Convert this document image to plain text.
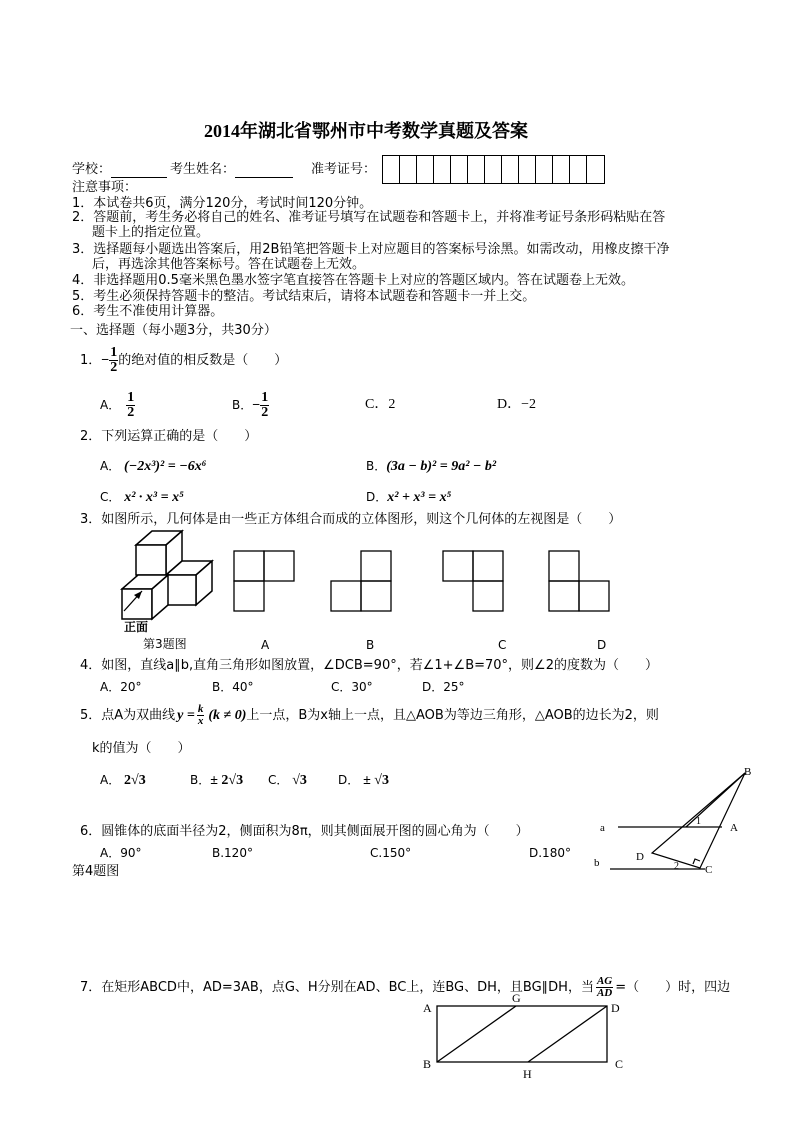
2014年湖北省鄂州市中考数学真题及答案
学校：	考生姓名：	准考证号：
注意事项：
1．本试卷共6页，满分120分，考试时间120分钟。
2．答题前，考生务必将自己的姓名、准考证号填写在试题卷和答题卡上，并将准考证号条形码粘贴在答
题卡上的指定位置。
3．选择题每小题选出答案后，用2B铅笔把答题卡上对应题目的答案标号涂黑。如需改动，用橡皮擦干净
后，再选涂其他答案标号。答在试题卷上无效。
4．非选择题用0.5毫米黑色墨水签字笔直接答在答题卡上对应的答题区域内。答在试题卷上无效。
5．考生必须保持答题卡的整洁。考试结束后，请将本试题卷和答题卡一并上交。
6．考生不准使用计算器。
一、选择题（每小题3分，共30分）
1． − $\frac{1}{2}$ 的绝对值的相反数是（　　）
A． $\frac{1}{2}$	B． − $\frac{1}{2}$	C．2	D．−2
2．下列运算正确的是（　　）
A． (−2x³)² = −6x⁶	B．(3a − b)² = 9a² − b²
C． x² · x³ = x⁵	D．x² + x³ = x⁵
3．如图所示，几何体是由一些正方体组合而成的立体图形，则这个几何体的左视图是（　　）
正面
第3题图	A	B	C	D
4．如图，直线a∥b,直角三角形如图放置，∠DCB=90°，若∠1+∠B=70°，则∠2的度数为（　　）
A．20°	B．40°	C．30°	D．25°
5．点A为双曲线 $y = \frac{k}{x} (k \ne 0)$ 上一点，B为x轴上一点，且△AOB为等边三角形，△AOB的边长为2，则
k的值为（　　）
A． 2√3	B．± 2√3 C． √3	D． ± √3
B
A
D
C
a
b
1
2
6．圆锥体的底面半径为2，侧面积为8π，则其侧面展开图的圆心角为（　　）
A．90°	B.120°	C.150°	D.180°
第4题图
7．在矩形ABCD中，AD=3AB，点G、H分别在AD、BC上，连BG、DH，且BG∥DH，当 $\frac{AG}{AD}$ =（　　）时，四边
A
G
D
B
H
C
